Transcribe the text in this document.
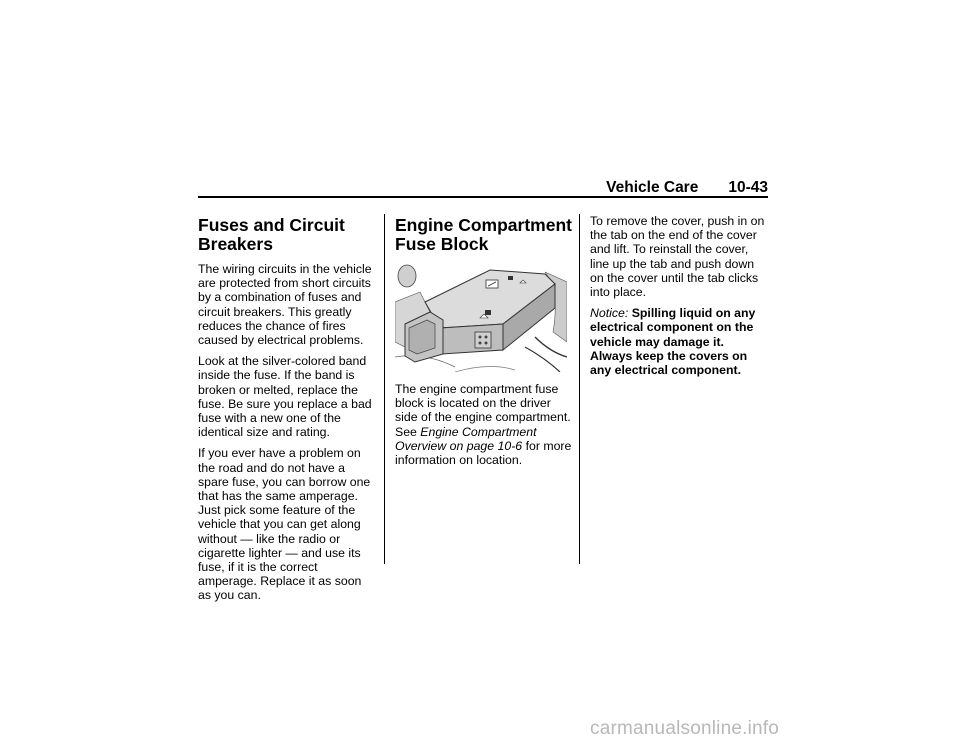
Vehicle Care 10-43
Fuses and Circuit Breakers

The wiring circuits in the vehicle are protected from short circuits by a combination of fuses and circuit breakers. This greatly reduces the chance of fires caused by electrical problems.

Look at the silver-colored band inside the fuse. If the band is broken or melted, replace the fuse. Be sure you replace a bad fuse with a new one of the identical size and rating.

If you ever have a problem on the road and do not have a spare fuse, you can borrow one that has the same amperage. Just pick some feature of the vehicle that you can get along without — like the radio or cigarette lighter — and use its fuse, if it is the correct amperage. Replace it as soon as you can.

Engine Compartment Fuse Block

The engine compartment fuse block is located on the driver side of the engine compartment. See Engine Compartment Overview on page 10-6 for more information on location.

To remove the cover, push in on the tab on the end of the cover and lift. To reinstall the cover, line up the tab and push down on the cover until the tab clicks into place.

Notice: Spilling liquid on any electrical component on the vehicle may damage it. Always keep the covers on any electrical component.

carmanualsonline.info
